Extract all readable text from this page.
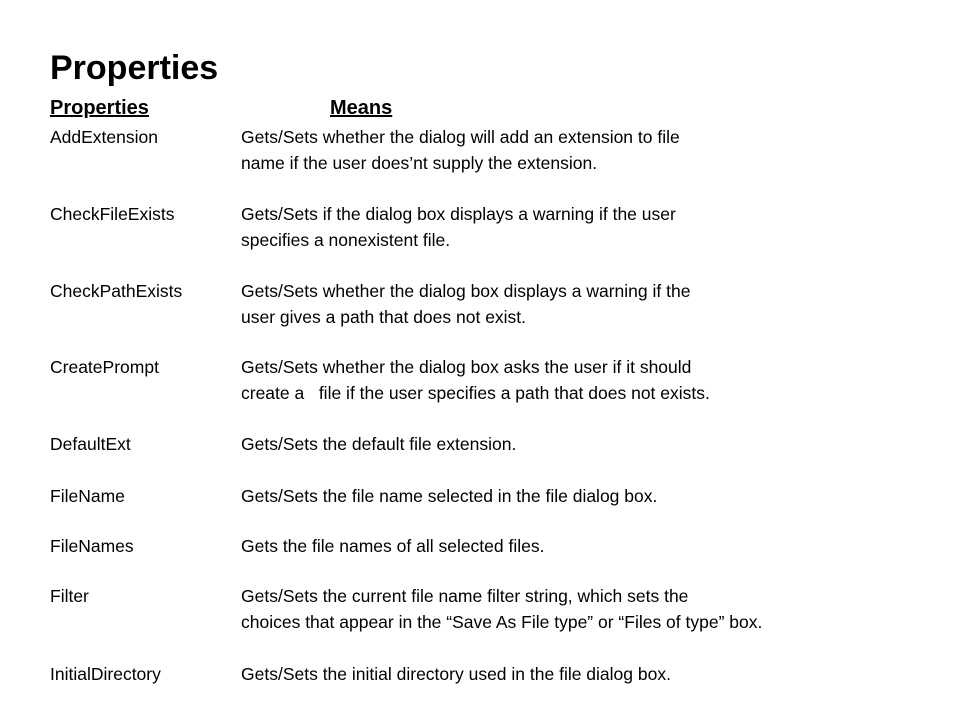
Properties
Properties	Means
AddExtension	Gets/Sets whether the dialog will add an extension to file
name if the user does’nt supply the extension.
CheckFileExists	Gets/Sets if the dialog box displays a warning if the user
specifies a nonexistent file.
CheckPathExists	Gets/Sets whether the dialog box displays a warning if the
user gives a path that does not exist.
CreatePrompt	Gets/Sets whether the dialog box asks the user if it should
create a   file if the user specifies a path that does not exists.
DefaultExt	Gets/Sets the default file extension.
FileName	Gets/Sets the file name selected in the file dialog box.
FileNames	Gets the file names of all selected files.
Filter	Gets/Sets the current file name filter string, which sets the
choices that appear in the “Save As File type” or “Files of type” box.
InitialDirectory	Gets/Sets the initial directory used in the file dialog box.
